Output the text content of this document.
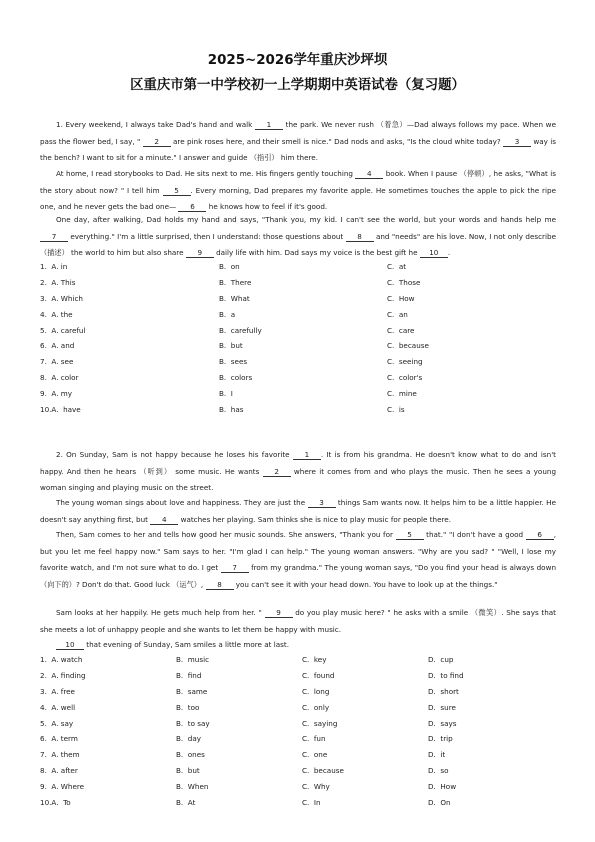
2025~2026学年重庆沙坪坝
区重庆市第一中学校初一上学期期中英语试卷（复习题）
1. Every weekend, I always take Dad's hand and walk 1 the park. We never rush （着急）—Dad always follows my pace. When we pass the flower bed, I say, " 2 are pink roses here, and their smell is nice." Dad nods and asks, "Is the cloud white today? 3 way is the bench? I want to sit for a minute." I answer and guide （指引） him there.
At home, I read storybooks to Dad. He sits next to me. His fingers gently touching 4 book. When I pause （停顿）, he asks, "What is the story about now? " I tell him 5 . Every morning, Dad prepares my favorite apple. He sometimes touches the apple to pick the ripe one, and he never gets the bad one— 6 he knows how to feel if it's good.
One day, after walking, Dad holds my hand and says, "Thank you, my kid. I can't see the world, but your words and hands help me 7 everything." I'm a little surprised, then I understand: those questions about 8 and "needs" are his love. Now, I not only describe （描述） the world to him but also share 9 daily life with him. Dad says my voice is the best gift he 10 .
1.  A. in	B.  on	C.  at
2.  A. This	B.  There	C.  Those
3.  A. Which	B.  What	C.  How
4.  A. the	B.  a	C.  an
5.  A. careful	B.  carefully	C.  care
6.  A. and	B.  but	C.  because
7.  A. see	B.  sees	C.  seeing
8.  A. color	B.  colors	C.  color's
9.  A. my	B.  I	C.  mine
10.A.  have	B.  has	C.  is
2. On Sunday, Sam is not happy because he loses his favorite 1 . It is from his grandma. He doesn't know what to do and isn't happy. And then he hears （听到） some music. He wants 2 where it comes from and who plays the music. Then he sees a young woman singing and playing music on the street.
The young woman sings about love and happiness. They are just the 3 things Sam wants now. It helps him to be a little happier. He doesn't say anything first, but 4 watches her playing. Sam thinks she is nice to play music for people there.
Then, Sam comes to her and tells how good her music sounds. She answers, "Thank you for 5 that." "I don't have a good 6 , but you let me feel happy now." Sam says to her. "I'm glad I can help." The young woman answers. "Why are you sad? " "Well, I lose my favorite watch, and I'm not sure what to do. I get 7 from my grandma." The young woman says, "Do you find your head is always down （向下的）? Don't do that. Good luck （运气）, 8 you can't see it with your head down. You have to look up at the things."
Sam looks at her happily. He gets much help from her. " 9 do you play music here? " he asks with a smile （微笑）. She says that she meets a lot of unhappy people and she wants to let them be happy with music.
10 that evening of Sunday, Sam smiles a little more at last.
1.  A. watch	B.  music	C.  key	D.  cup
2.  A. finding	B.  find	C.  found	D.  to find
3.  A. free	B.  same	C.  long	D.  short
4.  A. well	B.  too	C.  only	D.  sure
5.  A. say	B.  to say	C.  saying	D.  says
6.  A. term	B.  day	C.  fun	D.  trip
7.  A. them	B.  ones	C.  one	D.  it
8.  A. after	B.  but	C.  because	D.  so
9.  A. Where	B.  When	C.  Why	D.  How
10.A.  To	B.  At	C.  In	D.  On
